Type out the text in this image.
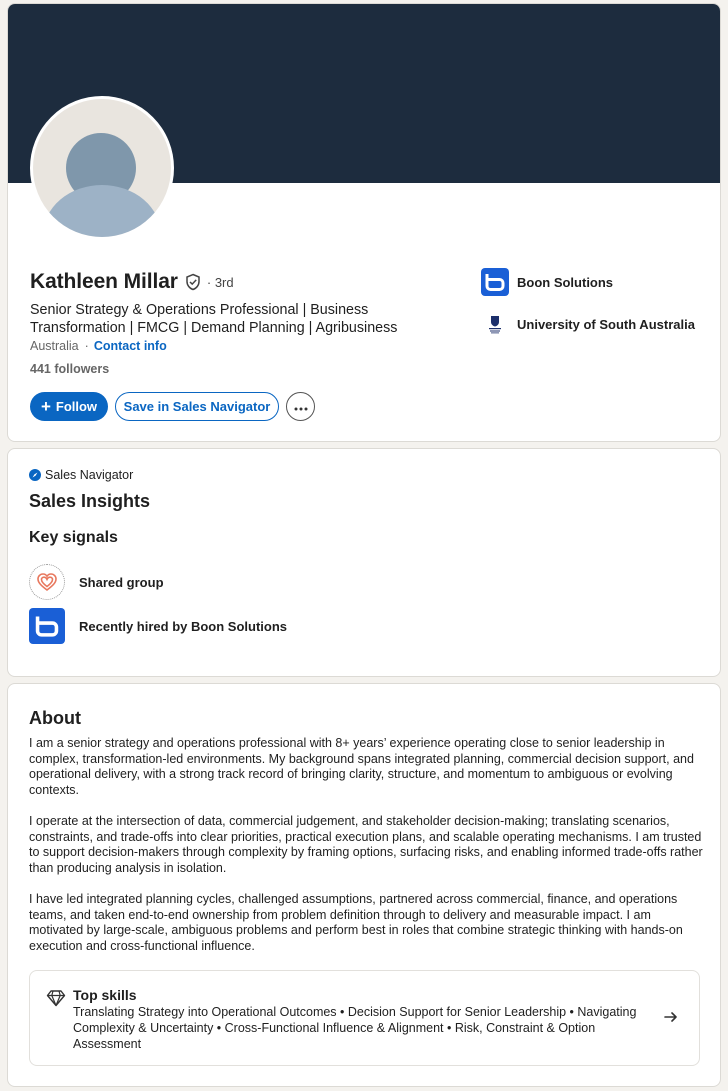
Kathleen Millar · 3rd
Senior Strategy & Operations Professional | Business Transformation | FMCG | Demand Planning | Agribusiness
Australia · Contact info
441 followers
+ Follow	Save in Sales Navigator
Boon Solutions
University of South Australia
Sales Navigator
Sales Insights
Key signals
Shared group
Recently hired by Boon Solutions
About

I am a senior strategy and operations professional with 8+ years’ experience operating close to senior leadership in complex, transformation-led environments. My background spans integrated planning, commercial decision support, and operational delivery, with a strong track record of bringing clarity, structure, and momentum to ambiguous or evolving contexts.

I operate at the intersection of data, commercial judgement, and stakeholder decision-making; translating scenarios, constraints, and trade-offs into clear priorities, practical execution plans, and scalable operating mechanisms. I am trusted to support decision-makers through complexity by framing options, surfacing risks, and enabling informed trade-offs rather than producing analysis in isolation.

I have led integrated planning cycles, challenged assumptions, partnered across commercial, finance, and operations teams, and taken end-to-end ownership from problem definition through to delivery and measurable impact. I am motivated by large-scale, ambiguous problems and perform best in roles that combine strategic thinking with hands-on execution and cross-functional influence.

Top skills
Translating Strategy into Operational Outcomes • Decision Support for Senior Leadership • Navigating Complexity & Uncertainty • Cross-Functional Influence & Alignment • Risk, Constraint & Option Assessment
